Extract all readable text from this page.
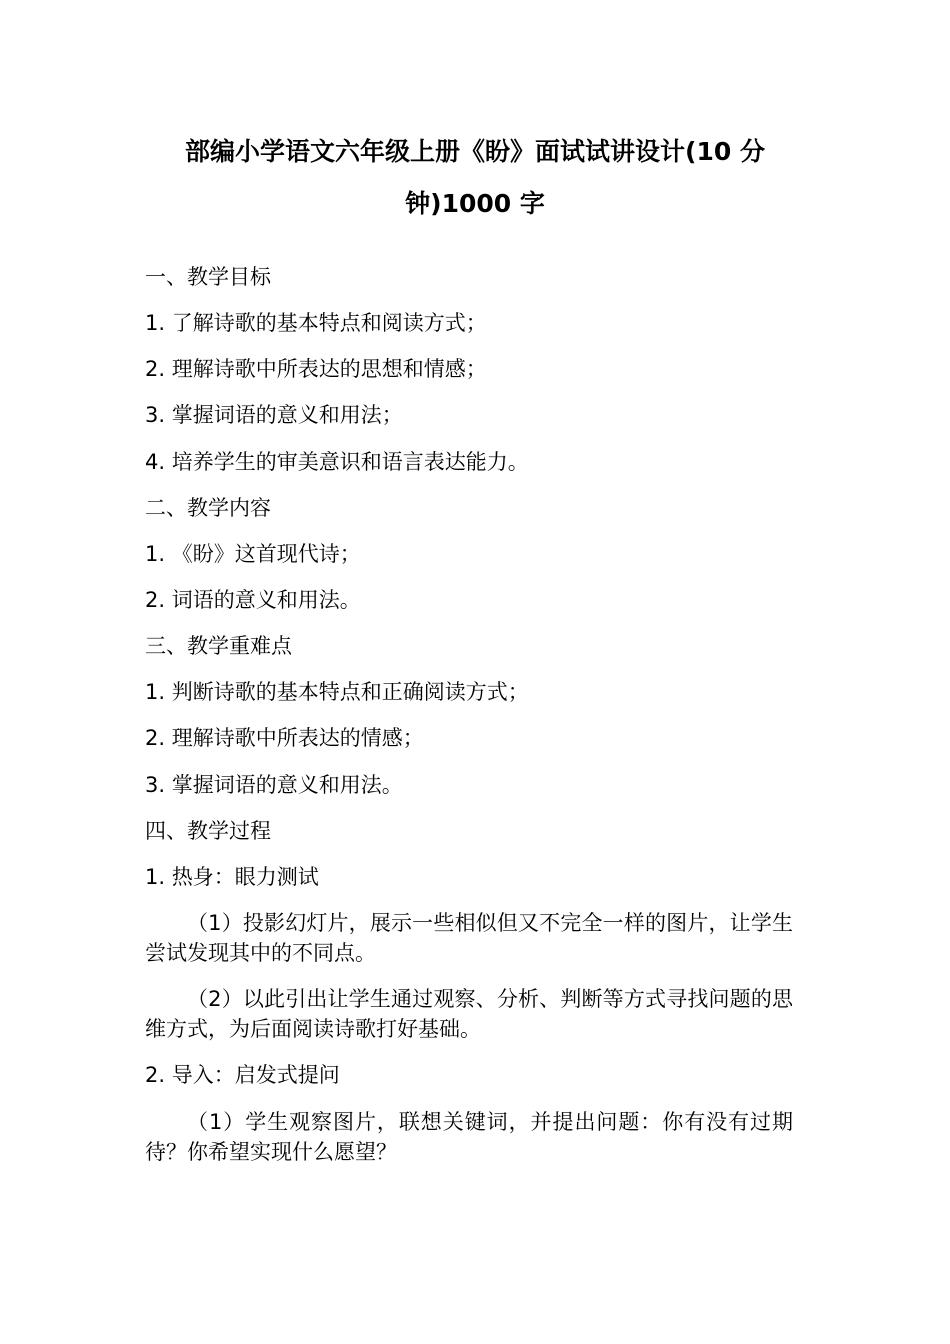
部编小学语文六年级上册《盼》面试试讲设计(10 分
钟)1000 字

一、教学目标

1. 了解诗歌的基本特点和阅读方式；

2. 理解诗歌中所表达的思想和情感；

3. 掌握词语的意义和用法；

4. 培养学生的审美意识和语言表达能力。

二、教学内容

1. 《盼》这首现代诗；

2. 词语的意义和用法。

三、教学重难点

1. 判断诗歌的基本特点和正确阅读方式；

2. 理解诗歌中所表达的情感；

3. 掌握词语的意义和用法。

四、教学过程

1. 热身：眼力测试

（1）投影幻灯片，展示一些相似但又不完全一样的图片，让学生尝试发现其中的不同点。

（2）以此引出让学生通过观察、分析、判断等方式寻找问题的思维方式，为后面阅读诗歌打好基础。

2. 导入：启发式提问

（1）学生观察图片，联想关键词，并提出问题：你有没有过期待？你希望实现什么愿望？
